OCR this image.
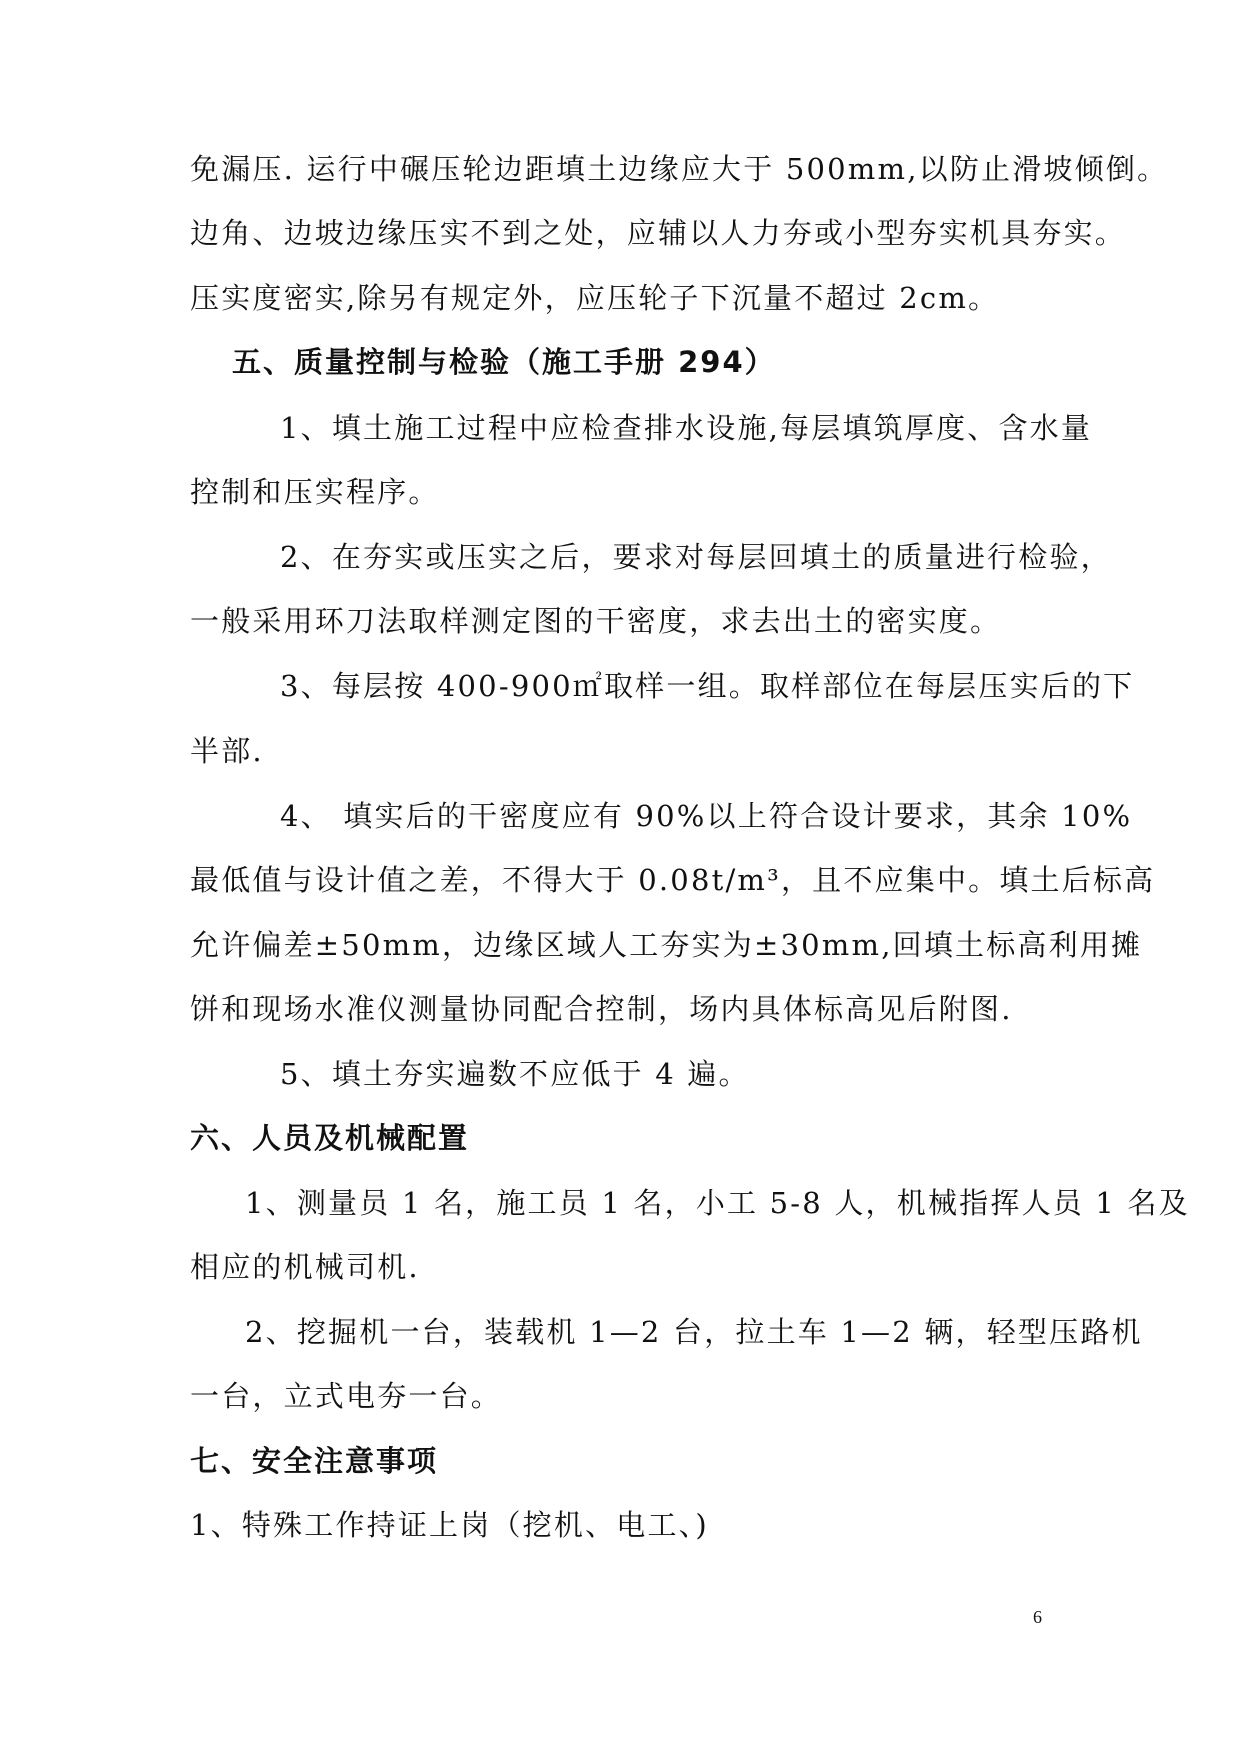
免漏压. 运行中碾压轮边距填土边缘应大于 500mm,以防止滑坡倾倒。
边角、边坡边缘压实不到之处，应辅以人力夯或小型夯实机具夯实。
压实度密实,除另有规定外，应压轮子下沉量不超过 2cm。
五、质量控制与检验（施工手册 294）
1、填土施工过程中应检查排水设施,每层填筑厚度、含水量
控制和压实程序。
2、在夯实或压实之后，要求对每层回填土的质量进行检验，
一般采用环刀法取样测定图的干密度，求去出土的密实度。
3、每层按 400-900㎡取样一组。取样部位在每层压实后的下
半部.
4、 填实后的干密度应有 90%以上符合设计要求，其余 10%
最低值与设计值之差，不得大于 0.08t/m³，且不应集中。填土后标高
允许偏差±50mm，边缘区域人工夯实为±30mm,回填土标高利用摊
饼和现场水准仪测量协同配合控制，场内具体标高见后附图.
5、填土夯实遍数不应低于 4 遍。
六、人员及机械配置
1、测量员 1 名，施工员 1 名，小工 5-8 人，机械指挥人员 1 名及
相应的机械司机.
2、挖掘机一台，装载机 1—2 台，拉土车 1—2 辆，轻型压路机
一台，立式电夯一台。
七、安全注意事项
1、特殊工作持证上岗（挖机、电工、)
6
